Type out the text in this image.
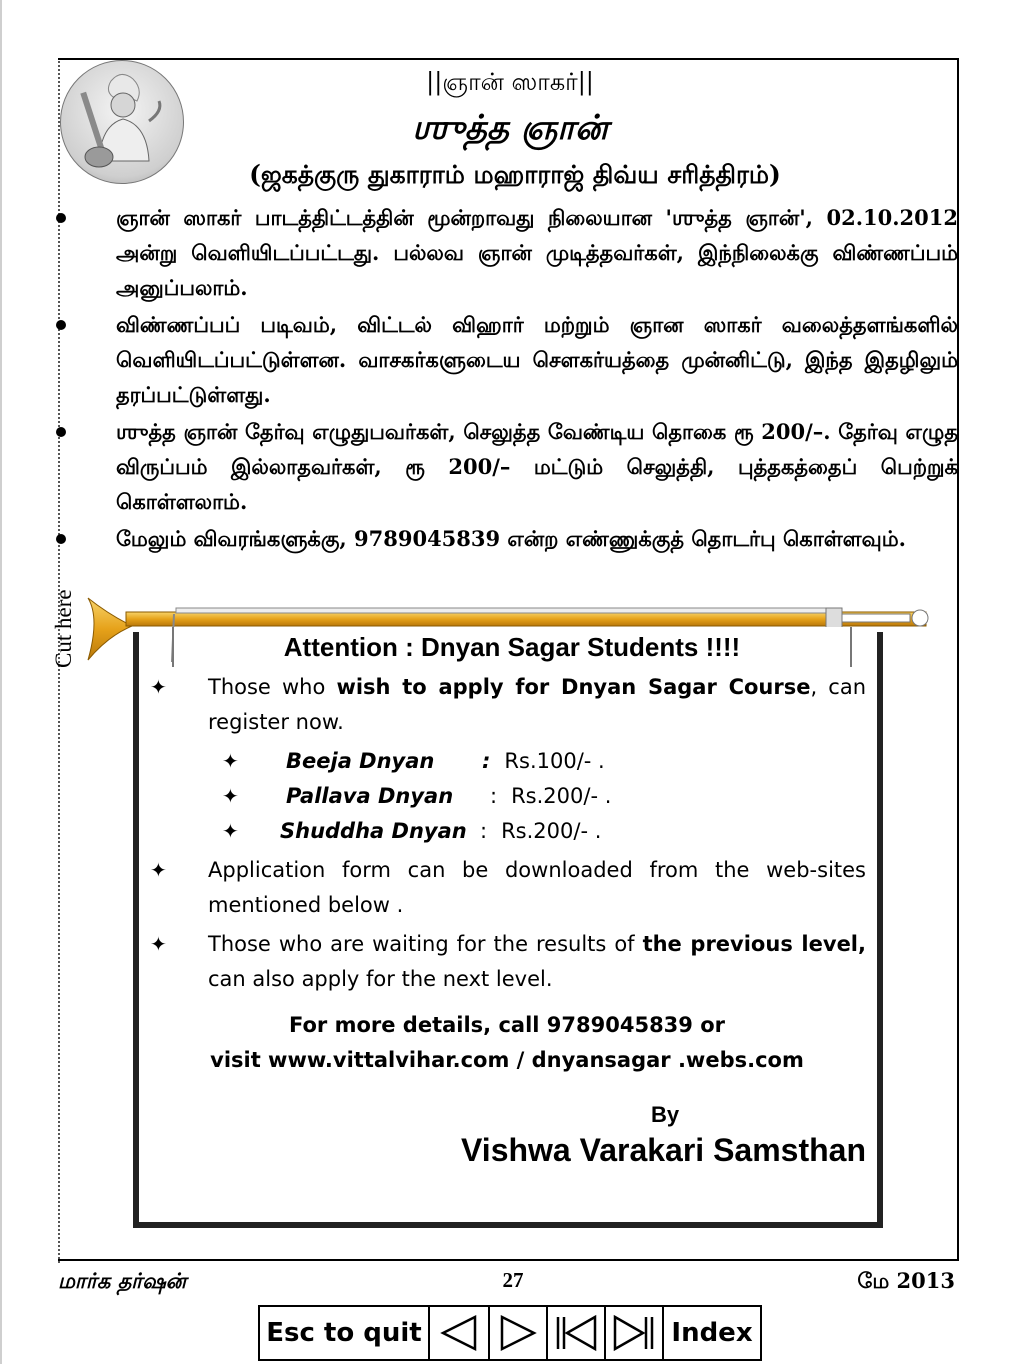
Cut here
||ஞான் ஸாகர்||
ஶுத்த ஞான்
(ஜகத்குரு துகாராம் மஹாராஜ் திவ்ய சரித்திரம்)
ஞான் ஸாகர் பாடத்திட்டத்தின் மூன்றாவது நிலையான 'ஶுத்த ஞான்', 02.10.2012 அன்று வெளியிடப்பட்டது. பல்லவ ஞான் முடித்தவர்கள், இந்நிலைக்கு விண்ணப்பம் அனுப்பலாம்.
விண்ணப்பப் படிவம், விட்டல் விஹார் மற்றும் ஞான ஸாகர் வலைத்தளங்களில் வெளியிடப்பட்டுள்ளன. வாசகர்களுடைய சௌகர்யத்தை முன்னிட்டு, இந்த இதழிலும் தரப்பட்டுள்ளது.
ஶுத்த ஞான் தேர்வு எழுதுபவர்கள், செலுத்த வேண்டிய தொகை ரூ 200/–. தேர்வு எழுத விருப்பம் இல்லாதவர்கள், ரூ 200/– மட்டும் செலுத்தி, புத்தகத்தைப் பெற்றுக் கொள்ளலாம்.
மேலும் விவரங்களுக்கு, 9789045839 என்ற எண்ணுக்குத் தொடர்பு கொள்ளவும்.
Attention : Dnyan Sagar Students !!!!
✦ Those who wish to apply for Dnyan Sagar Course, can register now.
✦ Beeja Dnyan : Rs.100/- .
✦ Pallava Dnyan : Rs.200/- .
✦ Shuddha Dnyan : Rs.200/- .
✦ Application form can be downloaded from the web-sites mentioned below .
✦ Those who are waiting for the results of the previous level, can also apply for the next level.
For more details, call 9789045839 or
visit www.vittalvihar.com / dnyansagar .webs.com
By
Vishwa Varakari Samsthan
மார்க தர்ஷன்	27	மே 2013
Esc to quit	Index
